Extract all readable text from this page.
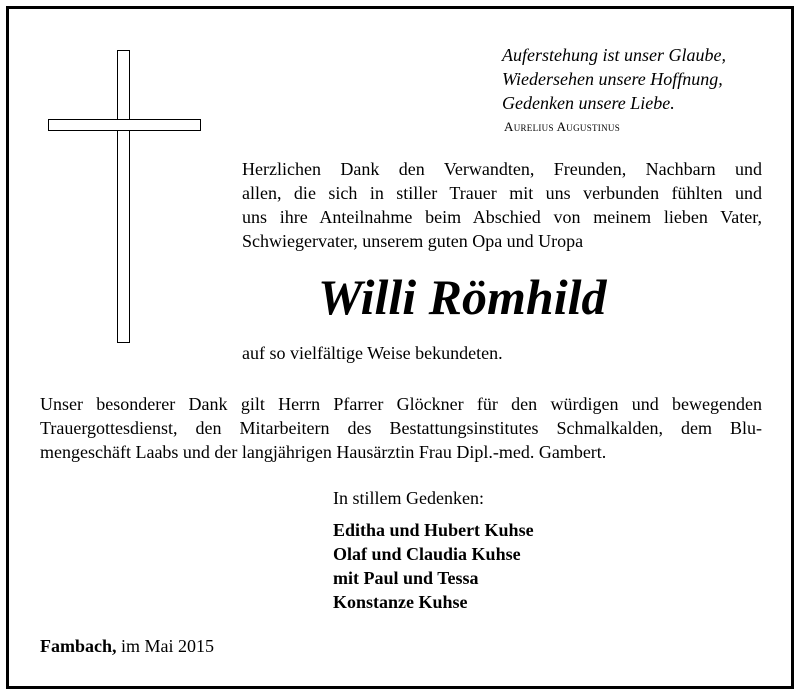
Auferstehung ist unser Glaube,
Wiedersehen unsere Hoffnung,
Gedenken unsere Liebe.
Aurelius Augustinus
Herzlichen Dank den Verwandten, Freunden, Nachbarn und
allen, die sich in stiller Trauer mit uns verbunden fühlten und
uns ihre Anteilnahme beim Abschied von meinem lieben Vater,
Schwiegervater, unserem guten Opa und Uropa
Willi Römhild
auf so vielfältige Weise bekundeten.
Unser besonderer Dank gilt Herrn Pfarrer Glöckner für den würdigen und bewegenden
Trauergottesdienst, den Mitarbeitern des Bestattungsinstitutes Schmalkalden, dem Blu-
mengeschäft Laabs und der langjährigen Hausärztin Frau Dipl.-med. Gambert.
In stillem Gedenken:
Editha und Hubert Kuhse
Olaf und Claudia Kuhse
mit Paul und Tessa
Konstanze Kuhse
Fambach, im Mai 2015
